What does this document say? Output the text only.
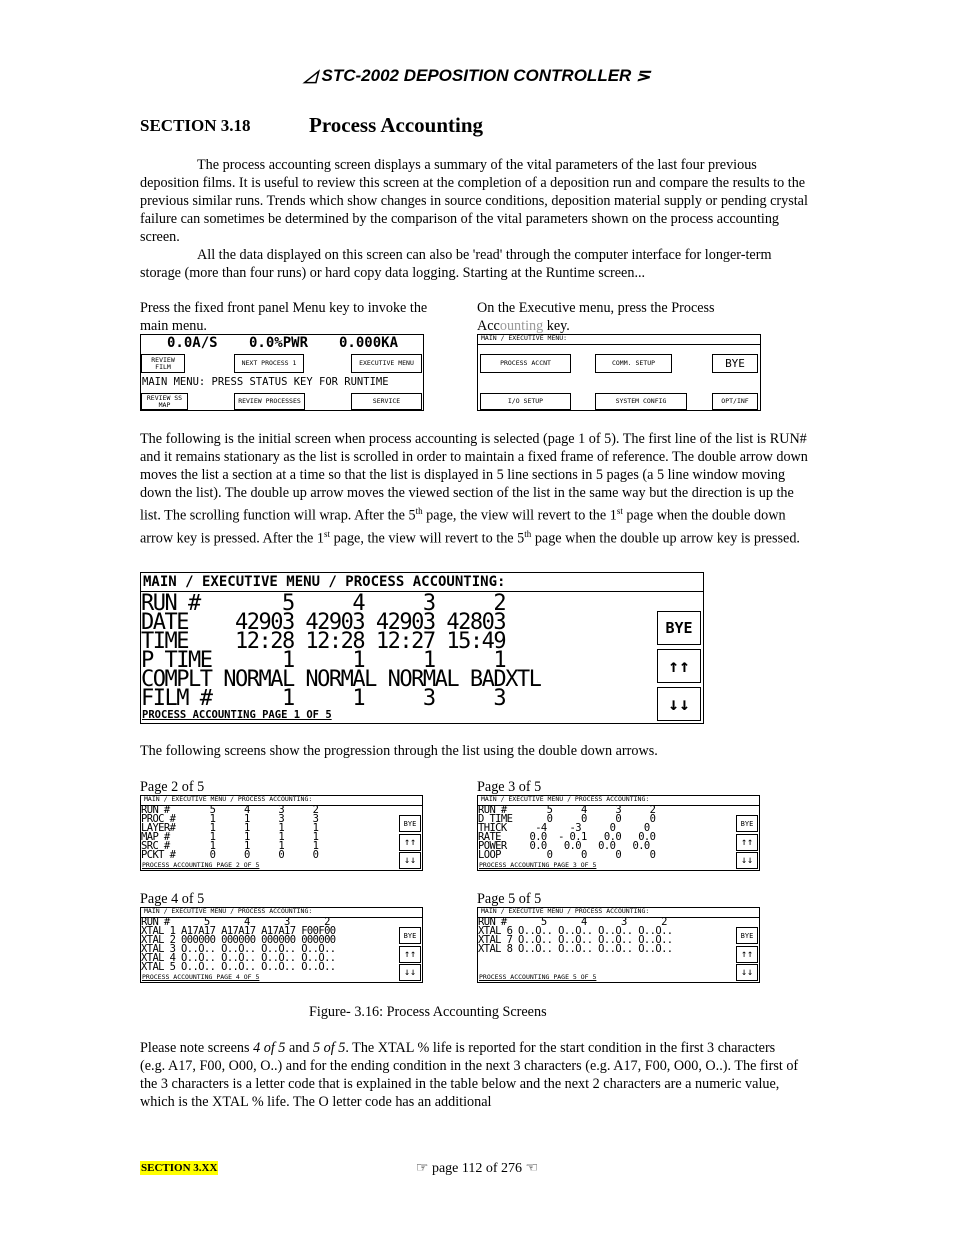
◿ STC-2002 DEPOSITION CONTROLLER ⋝
SECTION 3.18	Process Accounting

The process accounting screen displays a summary of the vital parameters of the last four previous deposition films. It is useful to review this screen at the completion of a deposition run and compare the results to the previous similar runs. Trends which show changes in source conditions, deposition material supply or pending crystal failure can sometimes be determined by the comparison of the vital parameters shown on the process accounting screen.

All the data displayed on this screen can also be 'read' through the computer interface for longer-term storage (more than four runs) or hard copy data logging. Starting at the Runtime screen...

Press the fixed front panel Menu key to invoke the main menu.
On the Executive menu, press the Process Accounting key.
0.0A/S 0.0%PWR 0.000KA
REVIEW FILM	NEXT PROCESS 1	EXECUTIVE MENU
MAIN MENU: PRESS STATUS KEY FOR RUNTIME
REVIEW SS MAP	REVIEW PROCESSES	SERVICE
MAIN / EXECUTIVE MENU:
PROCESS ACCNT	COMM. SETUP	BYE
I/O SETUP	SYSTEM CONFIG	OPT/INF
The following is the initial screen when process accounting is selected (page 1 of 5). The first line of the list is RUN# and it remains stationary as the list is scrolled in order to maintain a fixed frame of reference. The double arrow down moves the list a section at a time so that the list is displayed in 5 line sections in 5 pages (a 5 line window moving down the list). The double up arrow moves the viewed section of the list in the same way but the direction is up the list. The scrolling function will wrap. After the 5th page, the view will revert to the 1st page when the double down arrow key is pressed. After the 1st page, the view will revert to the 5th page when the double up arrow key is pressed.
MAIN / EXECUTIVE MENU / PROCESS ACCOUNTING:
RUN #       5     4     3     2
DATE    42903 42903 42903 42803
TIME    12:28 12:28 12:27 15:49
P TIME      1     1     1     1
COMPLT NORMAL NORMAL NORMAL BADXTL
FILM #      1     1     3     3
PROCESS ACCOUNTING PAGE 1 OF 5
BYE
↑↑
↓↓
The following screens show the progression through the list using the double down arrows.
Page 2 of 5
MAIN / EXECUTIVE MENU / PROCESS ACCOUNTING:
RUN #       5     4     3     2
PROC #      1     1     3     3
LAYER#      1     1     1     1
MAP #       1     1     1     1
SRC #       1     1     1     1
PCKT #      0     0     0     0
PROCESS ACCOUNTING PAGE 2 OF 5
BYE
↑↑
↓↓
Page 3 of 5
MAIN / EXECUTIVE MENU / PROCESS ACCOUNTING:
RUN #       5     4     3     2
D TIME      0     0     0     0
THICK     -4    -3     0     0
RATE     0.0  - 0.1   0.0   0.0
POWER    0.0   0.0   0.0   0.0
LOOP        0     0     0     0
PROCESS ACCOUNTING PAGE 3 OF 5
BYE
↑↑
↓↓
Page 4 of 5
MAIN / EXECUTIVE MENU / PROCESS ACCOUNTING:
RUN #      5      4      3      2
XTAL 1 A17A17 A17A17 A17A17 F00F00
XTAL 2 000000 000000 000000 000000
XTAL 3 O..O.. O..O.. O..O.. O..O..
XTAL 4 O..O.. O..O.. O..O.. O..O..
XTAL 5 O..O.. O..O.. O..O.. O..O..
PROCESS ACCOUNTING PAGE 4 OF 5
BYE
↑↑
↓↓
Page 5 of 5
MAIN / EXECUTIVE MENU / PROCESS ACCOUNTING:
RUN #      5      4      3      2
XTAL 6 O..O.. O..O.. O..O.. O..O..
XTAL 7 O..O.. O..O.. O..O.. O..O..
XTAL 8 O..O.. O..O.. O..O.. O..O..
PROCESS ACCOUNTING PAGE 5 OF 5
BYE
↑↑
↓↓
Figure- 3.16: Process Accounting Screens
Please note screens 4 of 5 and 5 of 5. The XTAL % life is reported for the start condition in the first 3 characters (e.g. A17, F00, O00, O..) and for the ending condition in the next 3 characters (e.g. A17, F00, O00, O..). The first of the 3 characters is a letter code that is explained in the table below and the next 2 characters are a numeric value, which is the XTAL % life. The O letter code has an additional
SECTION 3.XX	☞ page 112 of 276 ☜
